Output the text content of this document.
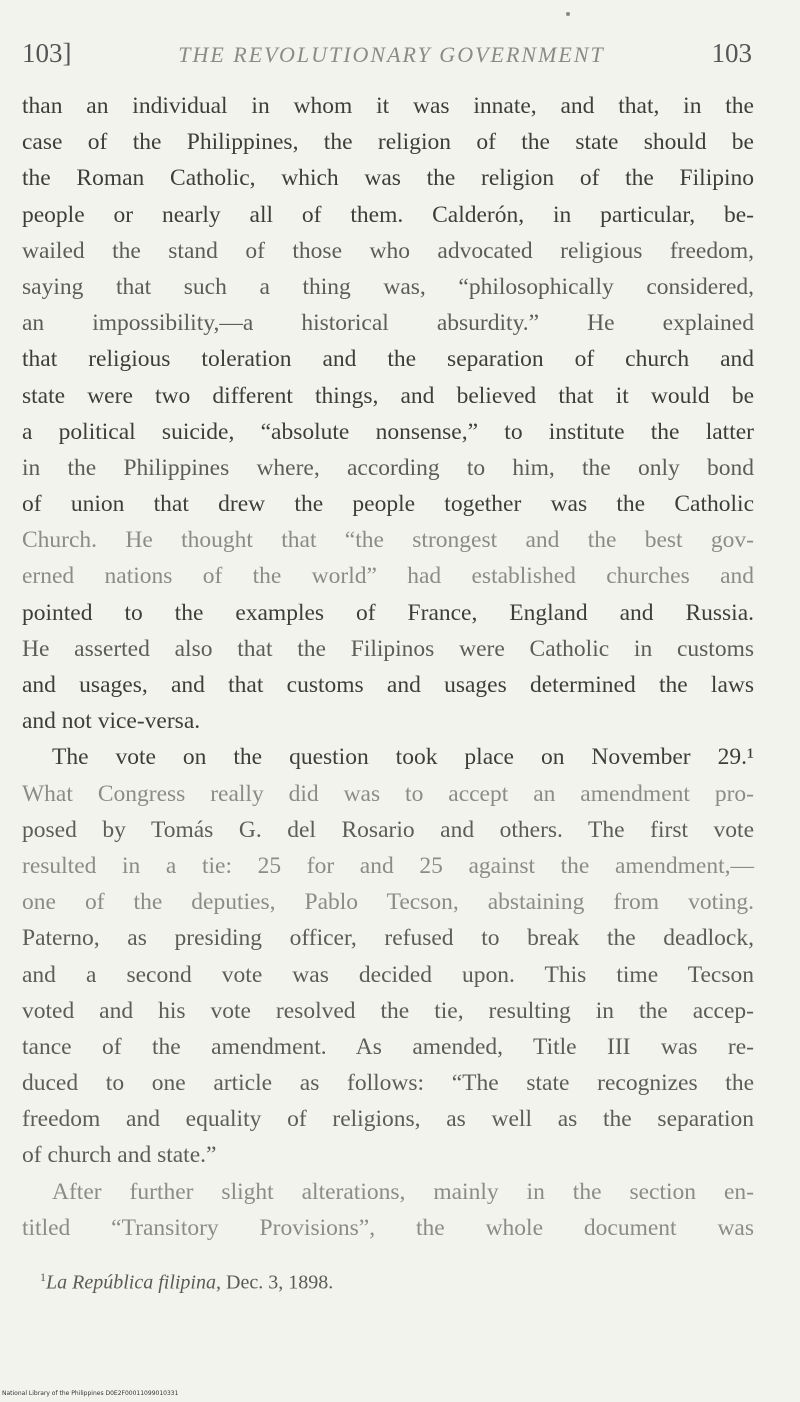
103]	THE REVOLUTIONARY GOVERNMENT	103
than an individual in whom it was innate, and that, in the
case of the Philippines, the religion of the state should be
the Roman Catholic, which was the religion of the Filipino
people or nearly all of them. Calderón, in particular, be-
wailed the stand of those who advocated religious freedom,
saying that such a thing was, “philosophically considered,
an impossibility,—a historical absurdity.” He explained
that religious toleration and the separation of church and
state were two different things, and believed that it would be
a political suicide, “absolute nonsense,” to institute the latter
in the Philippines where, according to him, the only bond
of union that drew the people together was the Catholic
Church. He thought that “the strongest and the best gov-
erned nations of the world” had established churches and
pointed to the examples of France, England and Russia.
He asserted also that the Filipinos were Catholic in customs
and usages, and that customs and usages determined the laws
and not vice-versa.
The vote on the question took place on November 29.¹
What Congress really did was to accept an amendment pro-
posed by Tomás G. del Rosario and others. The first vote
resulted in a tie: 25 for and 25 against the amendment,—
one of the deputies, Pablo Tecson, abstaining from voting.
Paterno, as presiding officer, refused to break the deadlock,
and a second vote was decided upon. This time Tecson
voted and his vote resolved the tie, resulting in the accep-
tance of the amendment. As amended, Title III was re-
duced to one article as follows: “The state recognizes the
freedom and equality of religions, as well as the separation
of church and state.”
After further slight alterations, mainly in the section en-
titled “Transitory Provisions”, the whole document was
$^1$La República filipina, Dec. 3, 1898.
National Library of the Philippines D0E2F00011099010331
